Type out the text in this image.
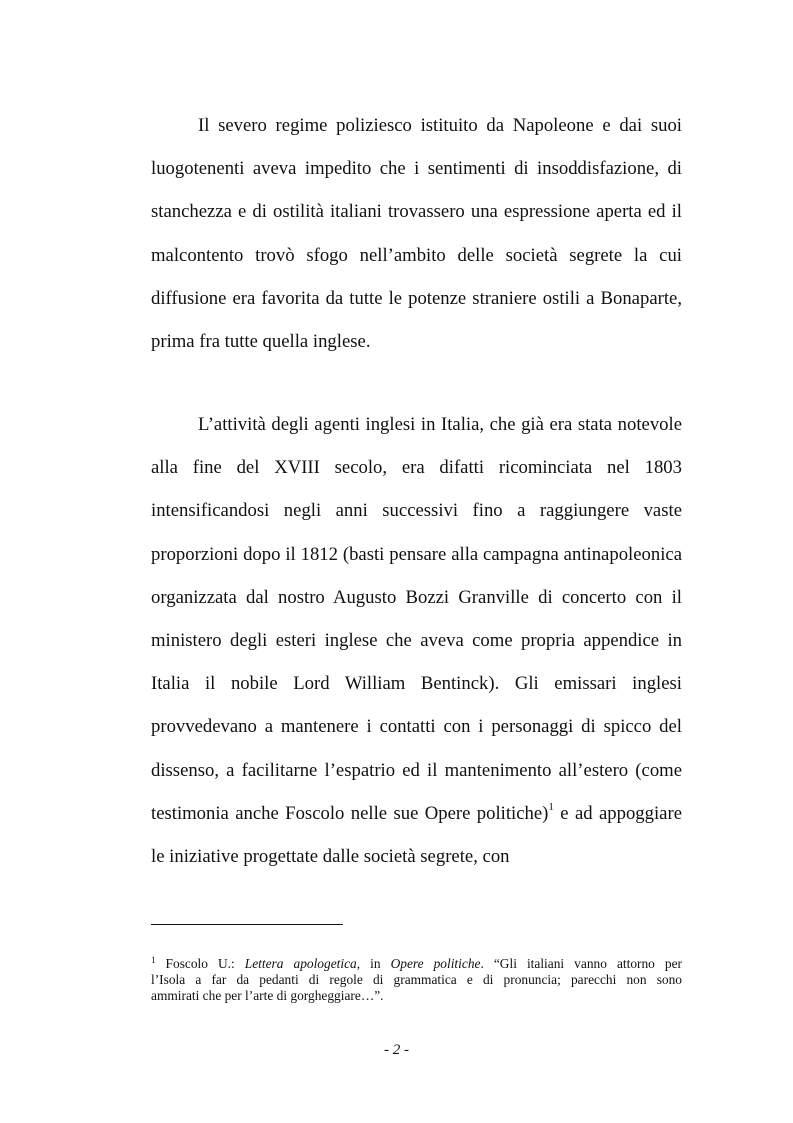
Il severo regime poliziesco istituito da Napoleone e dai suoi
luogotenenti aveva impedito che i sentimenti di insoddisfazione, di
stanchezza e di ostilità italiani trovassero una espressione aperta ed il
malcontento trovò sfogo nell’ambito delle società segrete la cui
diffusione era favorita da tutte le potenze straniere ostili a Bonaparte,
prima fra tutte quella inglese.

L’attività degli agenti inglesi in Italia, che già era stata notevole
alla fine del XVIII secolo, era difatti ricominciata nel 1803
intensificandosi negli anni successivi fino a raggiungere vaste
proporzioni dopo il 1812 (basti pensare alla campagna antinapoleonica
organizzata dal nostro Augusto Bozzi Granville di concerto con il
ministero degli esteri inglese che aveva come propria appendice in
Italia il nobile Lord William Bentinck). Gli emissari inglesi
provvedevano a mantenere i contatti con i personaggi di spicco del
dissenso, a facilitarne l’espatrio ed il mantenimento all’estero (come
testimonia anche Foscolo nelle sue Opere politiche)$^1$ e ad appoggiare
le iniziative progettate dalle società segrete, con

$^1$ Foscolo U.: Lettera apologetica, in Opere politiche. “Gli italiani vanno attorno per
l’Isola a far da pedanti di regole di grammatica e di pronuncia; parecchi non sono
ammirati che per l’arte di gorgheggiare…”.

- 2 -
